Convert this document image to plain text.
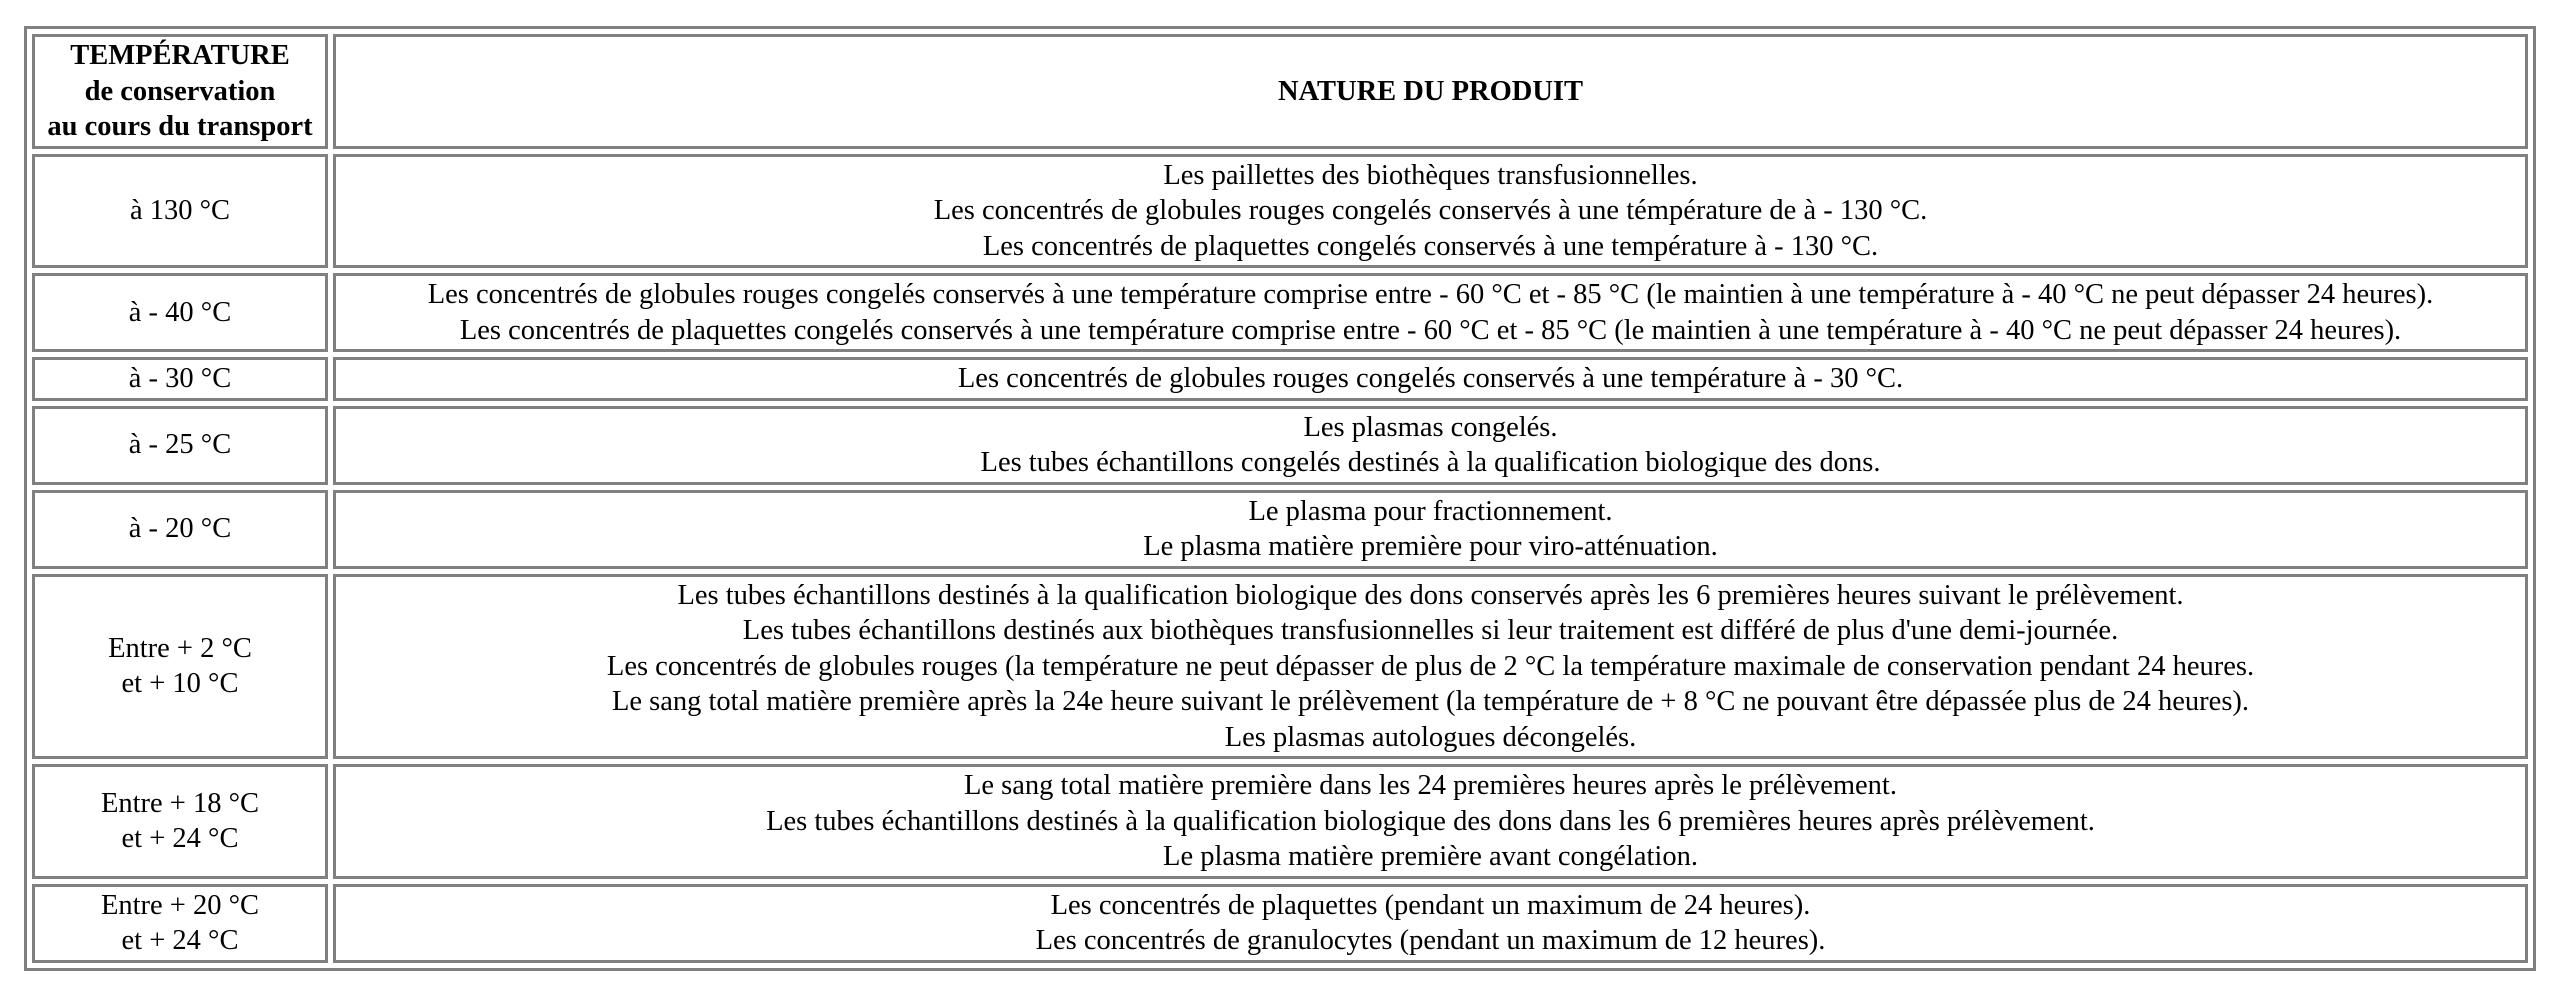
TEMPÉRATURE
de conservation
au cours du transport	NATURE DU PRODUIT

à 130 °C	Les paillettes des biothèques transfusionnelles.
Les concentrés de globules rouges congelés conservés à une témpérature de à - 130 °C.
Les concentrés de plaquettes congelés conservés à une température à - 130 °C.

à - 40 °C	Les concentrés de globules rouges congelés conservés à une température comprise entre - 60 °C et - 85 °C (le maintien à une température à - 40 °C ne peut dépasser 24 heures).
Les concentrés de plaquettes congelés conservés à une température comprise entre - 60 °C et - 85 °C (le maintien à une température à - 40 °C ne peut dépasser 24 heures).

à - 30 °C	Les concentrés de globules rouges congelés conservés à une température à - 30 °C.

à - 25 °C	Les plasmas congelés.
Les tubes échantillons congelés destinés à la qualification biologique des dons.

à - 20 °C	Le plasma pour fractionnement.
Le plasma matière première pour viro-atténuation.

Entre + 2 °C
et + 10 °C	Les tubes échantillons destinés à la qualification biologique des dons conservés après les 6 premières heures suivant le prélèvement.
Les tubes échantillons destinés aux biothèques transfusionnelles si leur traitement est différé de plus d'une demi-journée.
Les concentrés de globules rouges (la température ne peut dépasser de plus de 2 °C la température maximale de conservation pendant 24 heures.
Le sang total matière première après la 24e heure suivant le prélèvement (la température de + 8 °C ne pouvant être dépassée plus de 24 heures).
Les plasmas autologues décongelés.

Entre + 18 °C
et + 24 °C	Le sang total matière première dans les 24 premières heures après le prélèvement.
Les tubes échantillons destinés à la qualification biologique des dons dans les 6 premières heures après prélèvement.
Le plasma matière première avant congélation.

Entre + 20 °C
et + 24 °C	Les concentrés de plaquettes (pendant un maximum de 24 heures).
Les concentrés de granulocytes (pendant un maximum de 12 heures).
